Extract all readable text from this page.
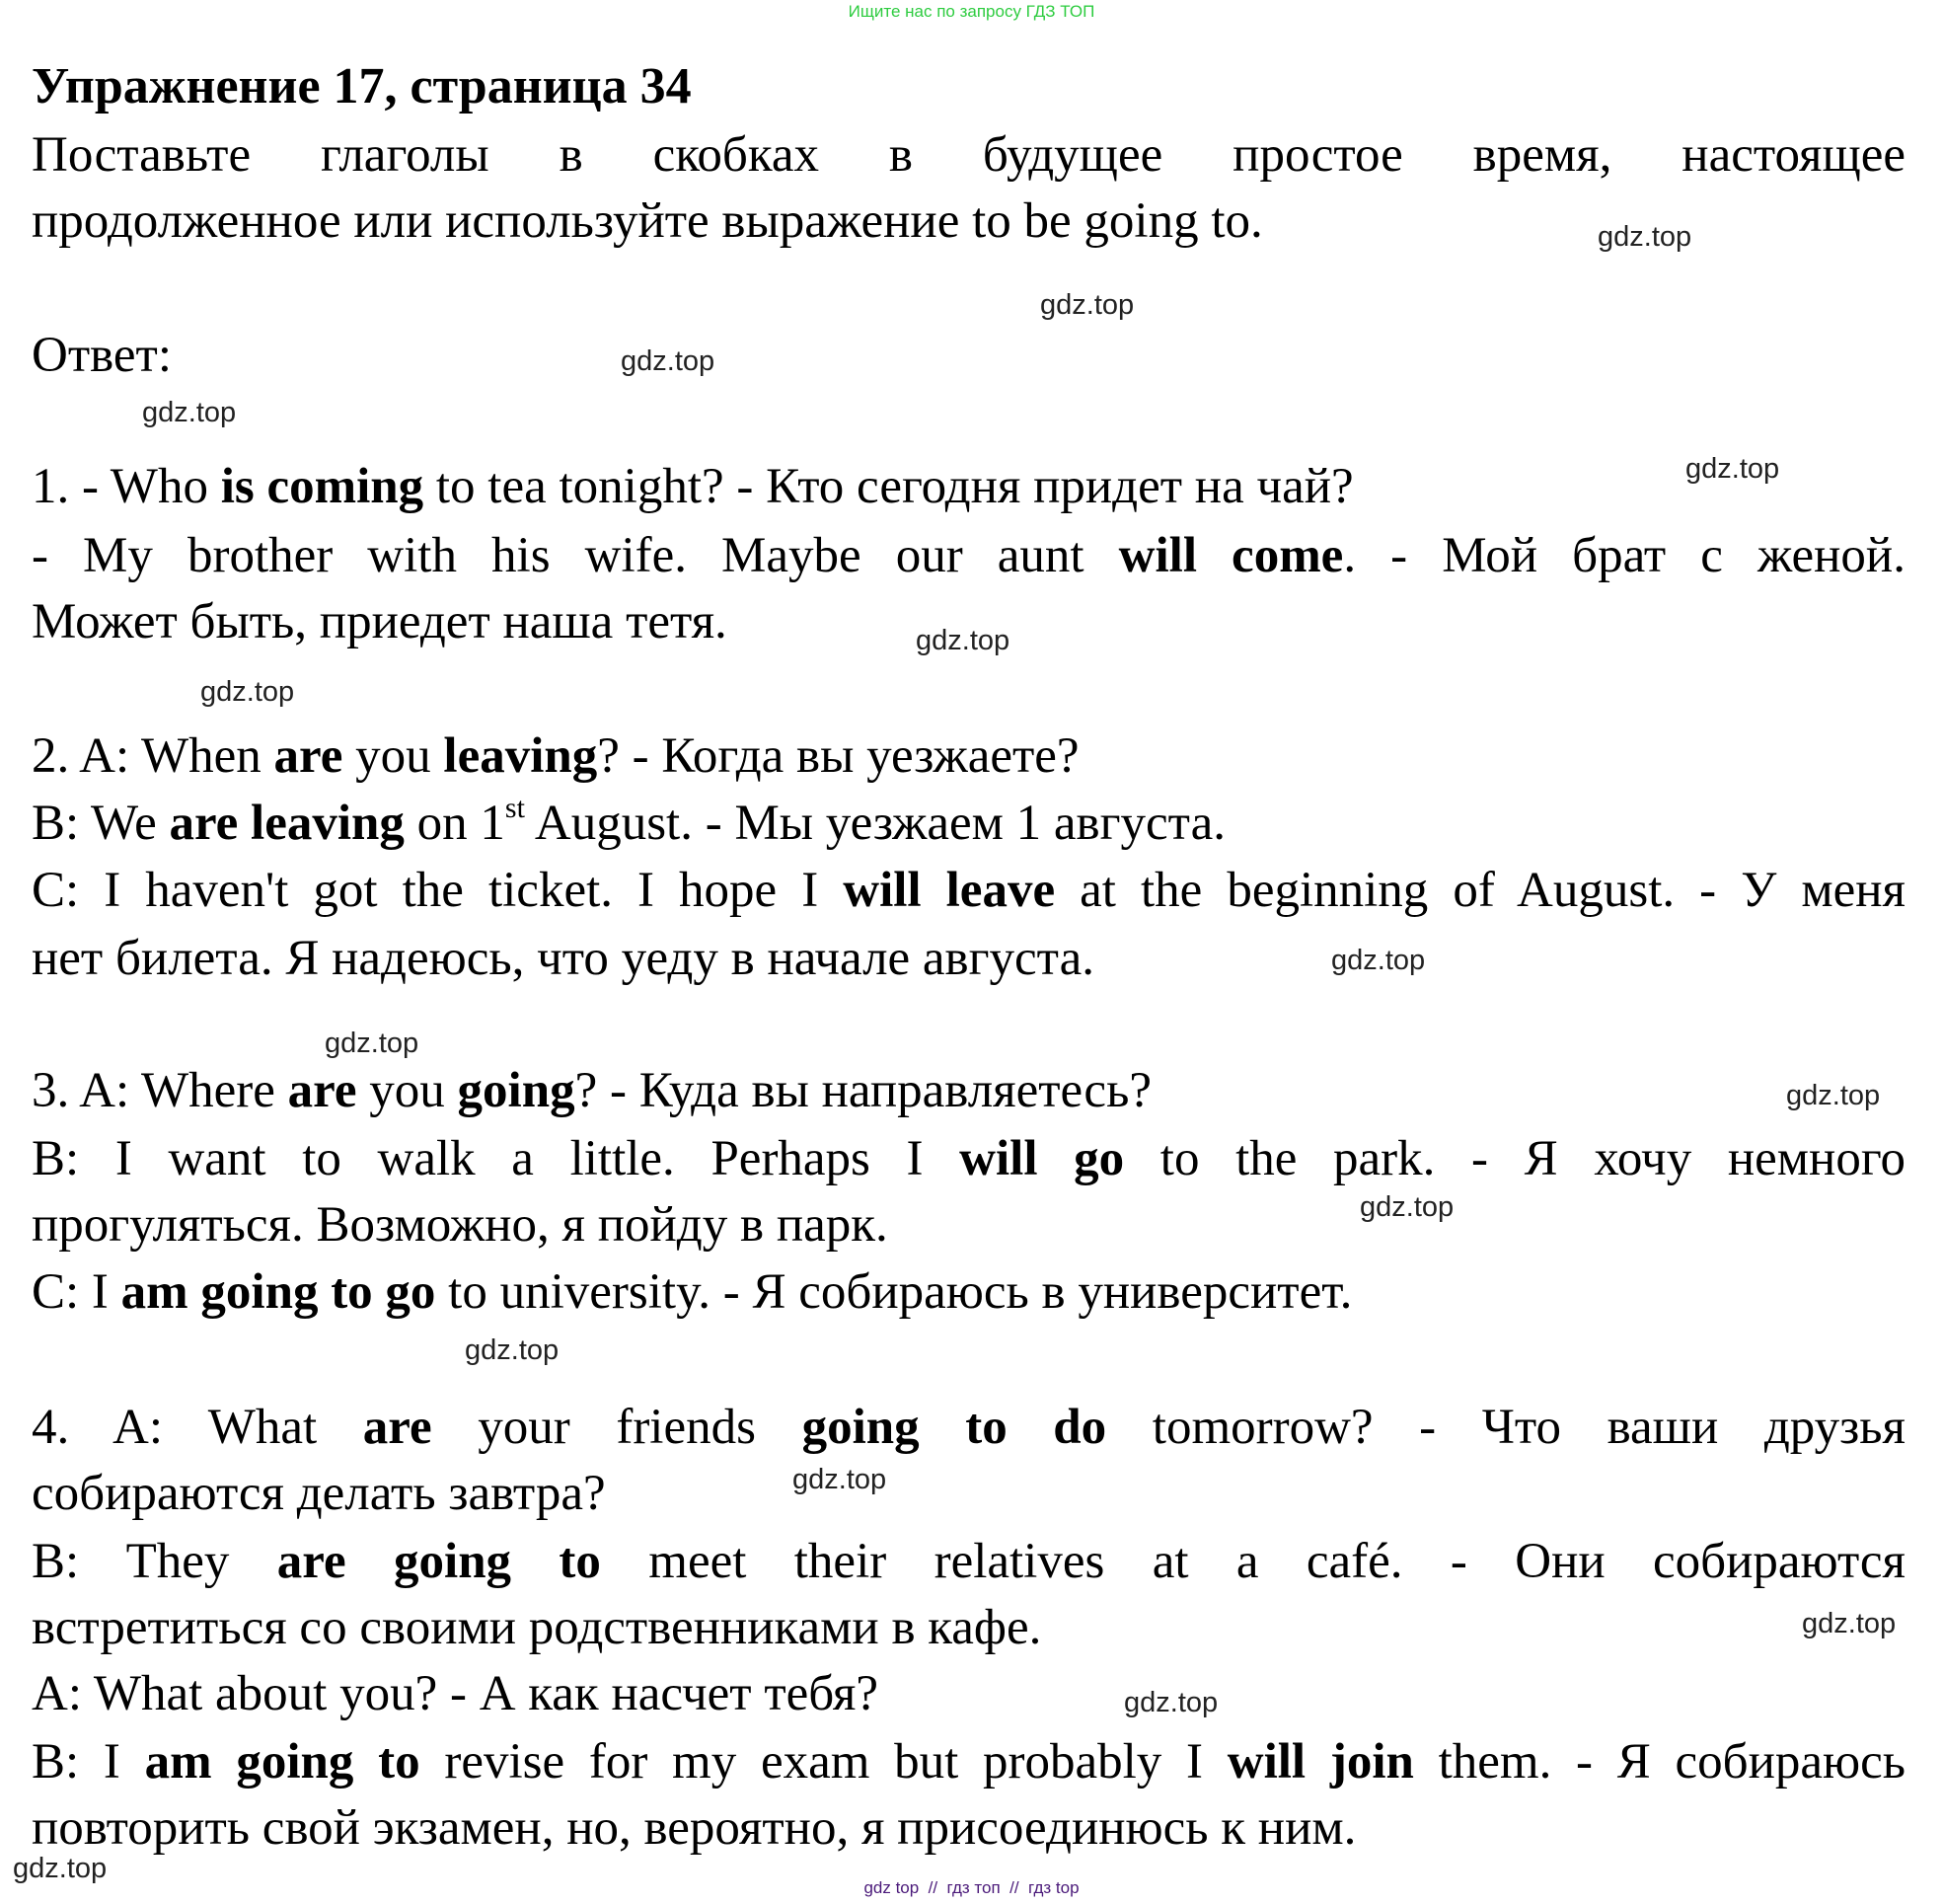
Ищите нас по запросу ГДЗ ТОП
Упражнение 17, страница 34
Поставьте глаголы в скобках в будущее простое время, настоящее
продолженное или используйте выражение to be going to.
Ответ:
1. - Who is coming to tea tonight? - Кто сегодня придет на чай?
- My brother with his wife. Maybe our aunt will come. - Мой брат с женой.
Может быть, приедет наша тетя.
2. A: When are you leaving? - Когда вы уезжаете?
B: We are leaving on 1st August. - Мы уезжаем 1 августа.
C: I haven't got the ticket. I hope I will leave at the beginning of August. - У меня
нет билета. Я надеюсь, что уеду в начале августа.
3. A: Where are you going? - Куда вы направляетесь?
B: I want to walk a little. Perhaps I will go to the park. - Я хочу немного
прогуляться. Возможно, я пойду в парк.
C: I am going to go to university. - Я собираюсь в университет.
4. A: What are your friends going to do tomorrow? - Что ваши друзья
собираются делать завтра?
B: They are going to meet their relatives at a café. - Они собираются
встретиться со своими родственниками в кафе.
A: What about you? - А как насчет тебя?
B: I am going to revise for my exam but probably I will join them. - Я собираюсь
повторить свой экзамен, но, вероятно, я присоединюсь к ним.
gdz.top
gdz.top
gdz.top
gdz.top
gdz.top
gdz.top
gdz.top
gdz.top
gdz.top
gdz.top
gdz.top
gdz.top
gdz.top
gdz.top
gdz.top
gdz.top
gdz top  //  гдз топ  //  гдз top
